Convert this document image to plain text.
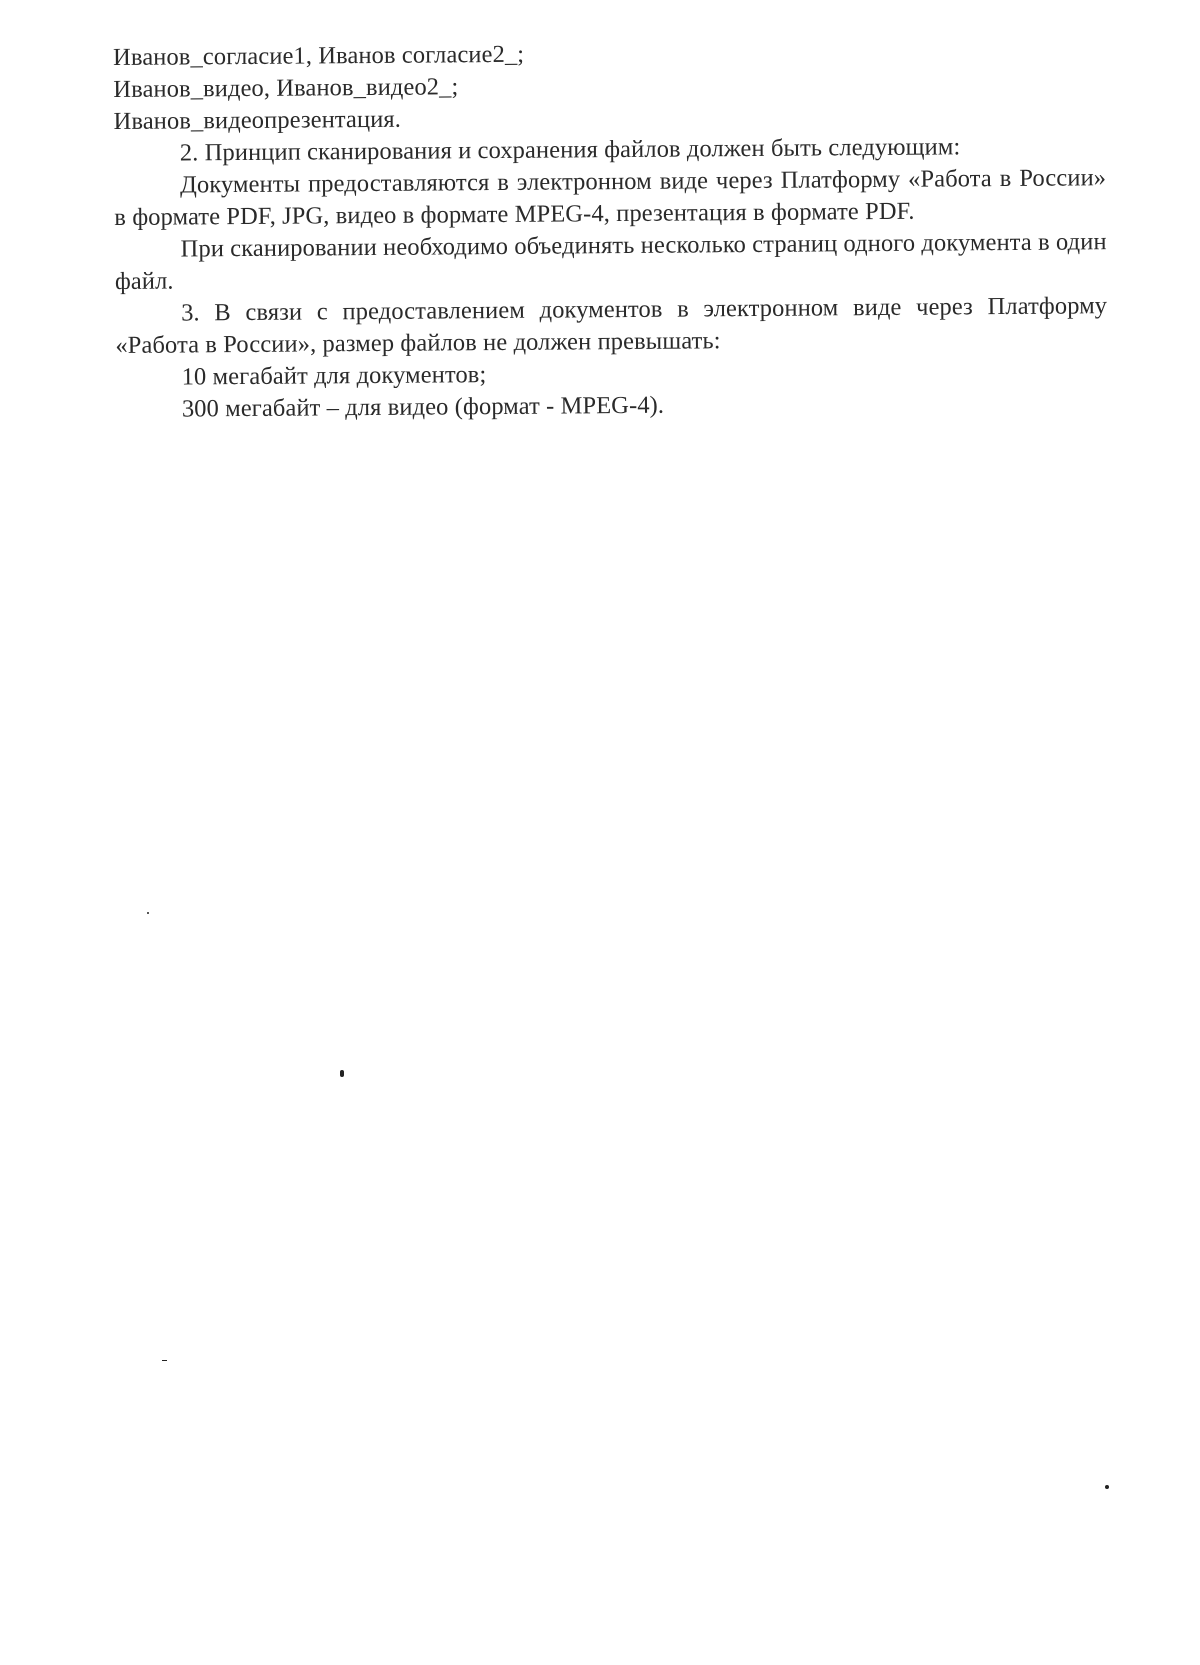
Иванов_согласие1, Иванов согласие2_;
Иванов_видео, Иванов_видео2_;
Иванов_видеопрезентация.
2. Принцип сканирования и сохранения файлов должен быть следующим:
Документы предоставляются в электронном виде через Платформу «Работа в России» в формате PDF, JPG, видео в формате MPEG-4, презентация в формате PDF.
При сканировании необходимо объединять несколько страниц одного документа в один файл.
3. В связи с предоставлением документов в электронном виде через Платформу «Работа в России», размер файлов не должен превышать:
10 мегабайт для документов;
300 мегабайт – для видео (формат - MPEG-4).
